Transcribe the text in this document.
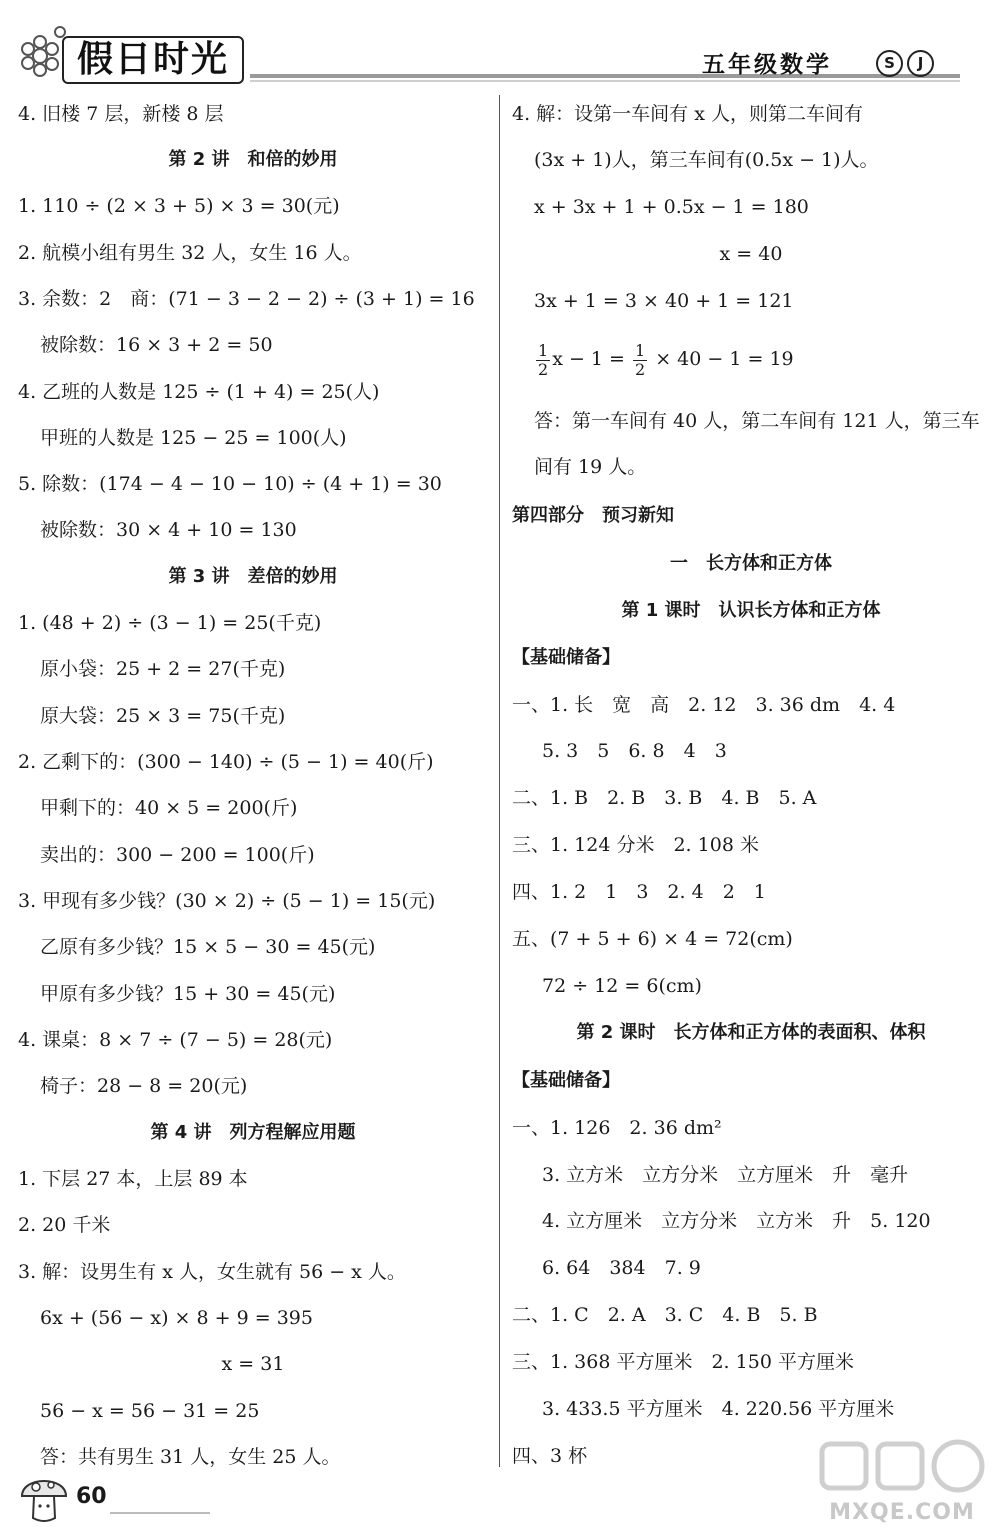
假日时光	五年级数学	S	J
4. 旧楼 7 层，新楼 8 层
第 2 讲　和倍的妙用
1. 110 ÷ (2 × 3 + 5) × 3 = 30(元)
2. 航模小组有男生 32 人，女生 16 人。
3. 余数：2　商：(71 − 3 − 2 − 2) ÷ (3 + 1) = 16
被除数：16 × 3 + 2 = 50
4. 乙班的人数是 125 ÷ (1 + 4) = 25(人)
甲班的人数是 125 − 25 = 100(人)
5. 除数：(174 − 4 − 10 − 10) ÷ (4 + 1) = 30
被除数：30 × 4 + 10 = 130
第 3 讲　差倍的妙用
1. (48 + 2) ÷ (3 − 1) = 25(千克)
原小袋：25 + 2 = 27(千克)
原大袋：25 × 3 = 75(千克)
2. 乙剩下的：(300 − 140) ÷ (5 − 1) = 40(斤)
甲剩下的：40 × 5 = 200(斤)
卖出的：300 − 200 = 100(斤)
3. 甲现有多少钱？(30 × 2) ÷ (5 − 1) = 15(元)
乙原有多少钱？15 × 5 − 30 = 45(元)
甲原有多少钱？15 + 30 = 45(元)
4. 课桌：8 × 7 ÷ (7 − 5) = 28(元)
椅子：28 − 8 = 20(元)
第 4 讲　列方程解应用题
1. 下层 27 本，上层 89 本
2. 20 千米
3. 解：设男生有 x 人，女生就有 56 − x 人。
6x + (56 − x) × 8 + 9 = 395
x = 31
56 − x = 56 − 31 = 25
答：共有男生 31 人，女生 25 人。
4. 解：设第一车间有 x 人，则第二车间有
(3x + 1)人，第三车间有(0.5x − 1)人。
x + 3x + 1 + 0.5x − 1 = 180
x = 40
3x + 1 = 3 × 40 + 1 = 121
$\frac{1}{2}$ $x - 1 = \frac{1}{2} \times 40 - 1 = 19$
答：第一车间有 40 人，第二车间有 121 人，第三车
间有 19 人。
第四部分　预习新知
一　长方体和正方体
第 1 课时　认识长方体和正方体
【基础储备】
一、1. 长　宽　高　2. 12　3. 36 dm　4. 4
5. 3　5　6. 8　4　3
二、1. B　2. B　3. B　4. B　5. A
三、1. 124 分米　2. 108 米
四、1. 2　1　3　2. 4　2　1
五、(7 + 5 + 6) × 4 = 72(cm)
72 ÷ 12 = 6(cm)
第 2 课时　长方体和正方体的表面积、体积
【基础储备】
一、1. 126　2. 36 dm²
3. 立方米　立方分米　立方厘米　升　毫升
4. 立方厘米　立方分米　立方米　升　5. 120
6. 64　384　7. 9
二、1. C　2. A　3. C　4. B　5. B
三、1. 368 平方厘米　2. 150 平方厘米
3. 433.5 平方厘米　4. 220.56 平方厘米
四、3 杯
60
MXQE.COM
